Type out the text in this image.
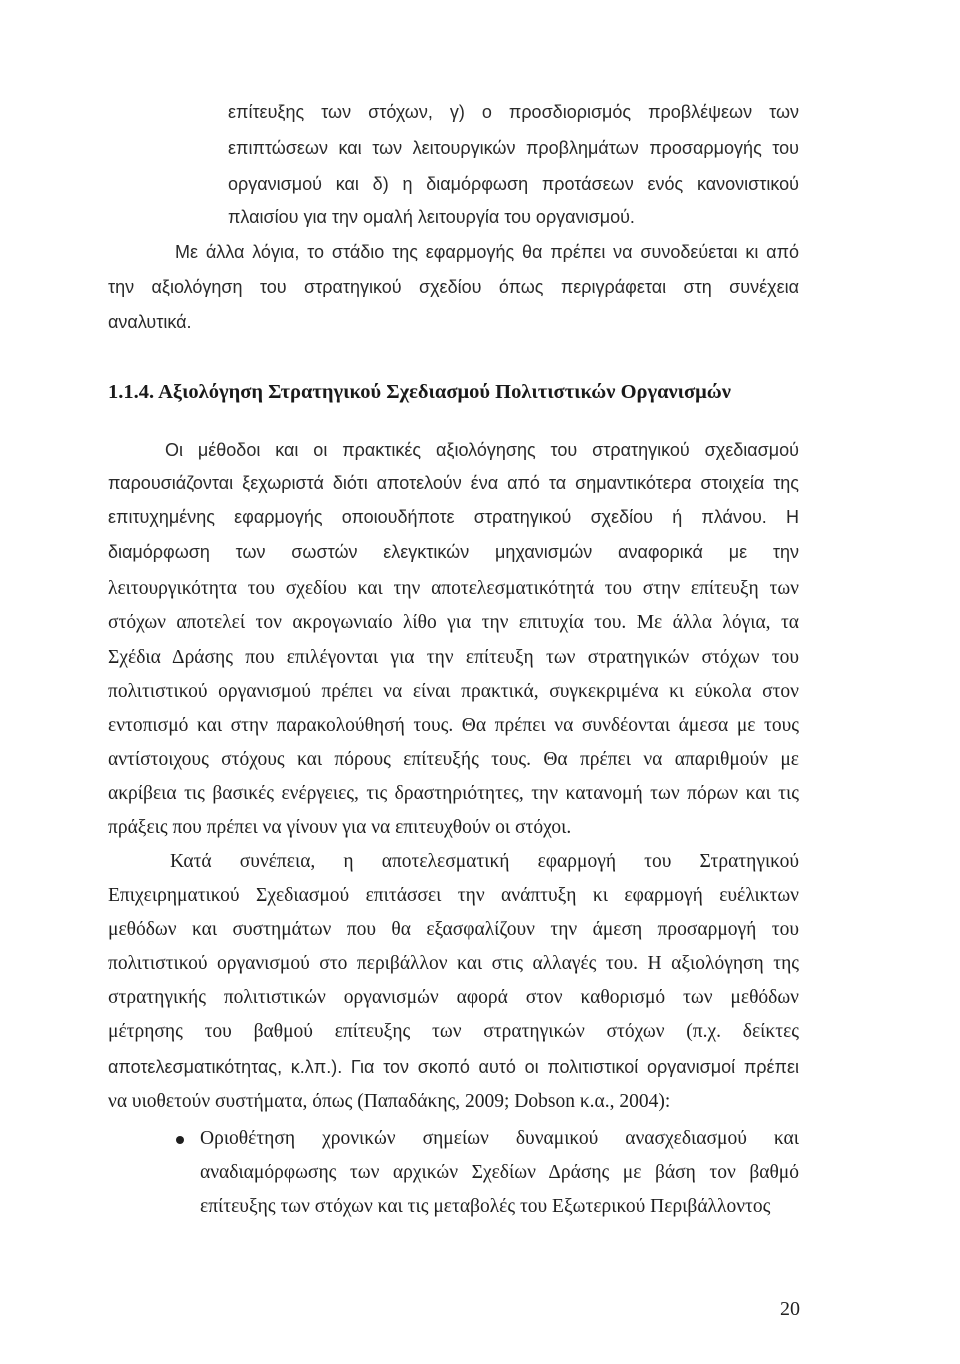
επίτευξης των στόχων, γ) ο προσδιορισμός προβλέψεων των
επιπτώσεων και των λειτουργικών προβλημάτων προσαρμογής του
οργανισμού και δ) η διαμόρφωση προτάσεων ενός κανονιστικού
πλαισίου για την ομαλή λειτουργία του οργανισμού.
Με άλλα λόγια, το στάδιο της εφαρμογής θα πρέπει να συνοδεύεται κι από
την αξιολόγηση του στρατηγικού σχεδίου όπως περιγράφεται στη συνέχεια
αναλυτικά.
1.1.4. Αξιολόγηση Στρατηγικού Σχεδιασμού Πολιτιστικών Οργανισμών
Οι μέθοδοι και οι πρακτικές αξιολόγησης του στρατηγικού σχεδιασμού
παρουσιάζονται ξεχωριστά διότι αποτελούν ένα από τα σημαντικότερα στοιχεία της
επιτυχημένης εφαρμογής οποιουδήποτε στρατηγικού σχεδίου ή πλάνου. Η
διαμόρφωση των σωστών ελεγκτικών μηχανισμών αναφορικά με την
λειτουργικότητα του σχεδίου και την αποτελεσματικότητά του στην επίτευξη των
στόχων αποτελεί τον ακρογωνιαίο λίθο για την επιτυχία του. Με άλλα λόγια, τα
Σχέδια Δράσης που επιλέγονται για την επίτευξη των στρατηγικών στόχων του
πολιτιστικού οργανισμού πρέπει να είναι πρακτικά, συγκεκριμένα κι εύκολα στον
εντοπισμό και στην παρακολούθησή τους. Θα πρέπει να συνδέονται άμεσα με τους
αντίστοιχους στόχους και πόρους επίτευξής τους. Θα πρέπει να απαριθμούν με
ακρίβεια τις βασικές ενέργειες, τις δραστηριότητες, την κατανομή των πόρων και τις
πράξεις που πρέπει να γίνουν για να επιτευχθούν οι στόχοι.
Κατά συνέπεια, η αποτελεσματική εφαρμογή του Στρατηγικού
Επιχειρηματικού Σχεδιασμού επιτάσσει την ανάπτυξη κι εφαρμογή ευέλικτων
μεθόδων και συστημάτων που θα εξασφαλίζουν την άμεση προσαρμογή του
πολιτιστικού οργανισμού στο περιβάλλον και στις αλλαγές του. Η αξιολόγηση της
στρατηγικής πολιτιστικών οργανισμών αφορά στον καθορισμό των μεθόδων
μέτρησης του βαθμού επίτευξης των στρατηγικών στόχων (π.χ. δείκτες
αποτελεσματικότητας, κ.λπ.). Για τον σκοπό αυτό οι πολιτιστικοί οργανισμοί πρέπει
να υιοθετούν συστήματα, όπως (Παπαδάκης, 2009; Dobson κ.α., 2004):
Οριοθέτηση χρονικών σημείων δυναμικού ανασχεδιασμού και
αναδιαμόρφωσης των αρχικών Σχεδίων Δράσης με βάση τον βαθμό
επίτευξης των στόχων και τις μεταβολές του Εξωτερικού Περιβάλλοντος
20
